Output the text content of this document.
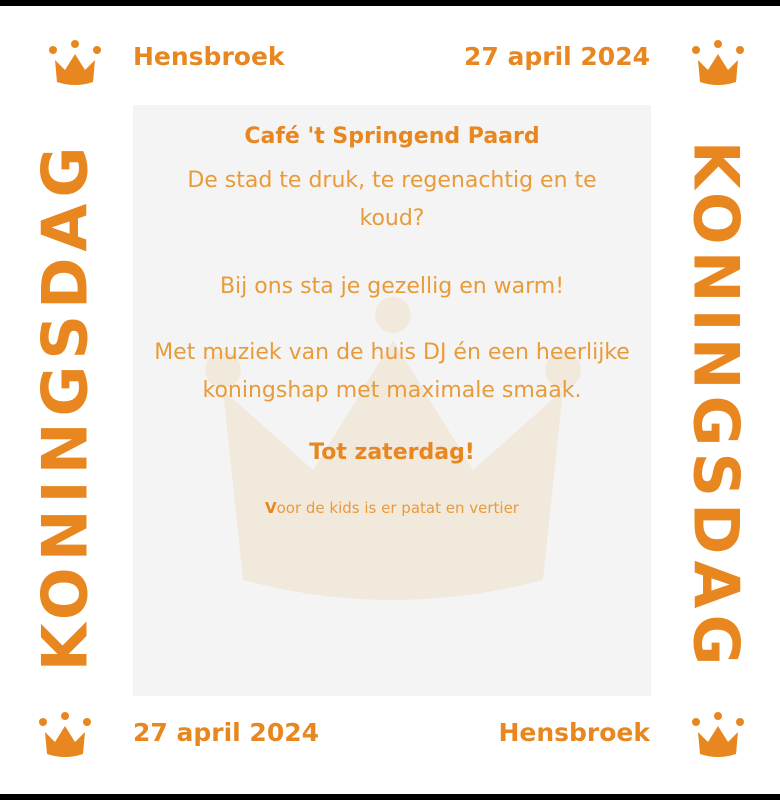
Hensbroek	27 april 2024
27 april 2024	Hensbroek
KONINGSDAG	KONINGSDAG
Café 't Springend Paard
De stad te druk, te regenachtig en te koud?
Bij ons sta je gezellig en warm!
Met muziek van de huis DJ én een heerlijke koningshap met maximale smaak.
Tot zaterdag!
Voor de kids is er patat en vertier
